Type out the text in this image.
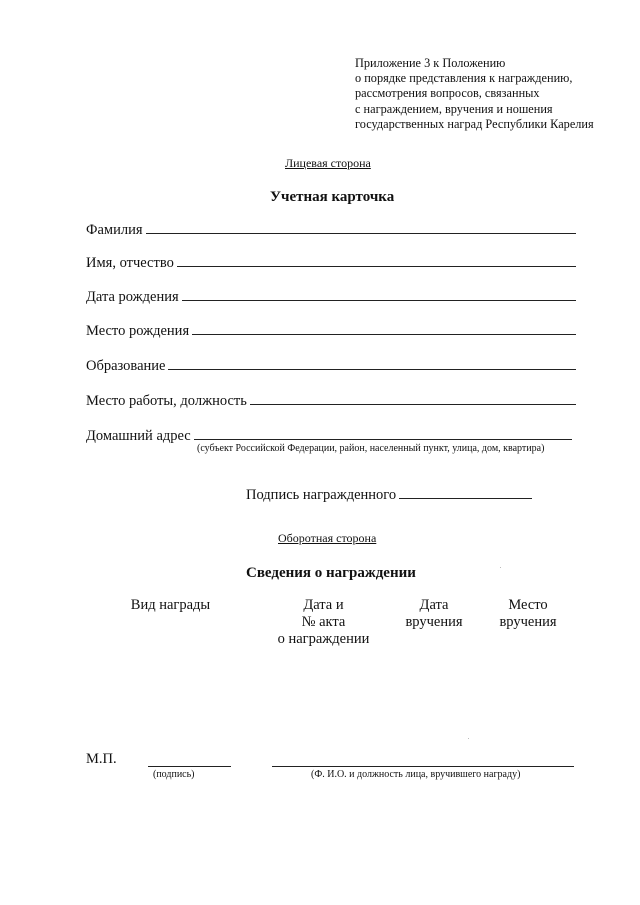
Приложение 3 к Положению
о порядке представления к награждению,
рассмотрения вопросов, связанных
с награждением, вручения и ношения
государственных наград Республики Карелия
Лицевая сторона
Учетная карточка
Фамилия
Имя, отчество
Дата рождения
Место рождения
Образование
Место работы, должность
Домашний адрес
(субъект Российской Федерации, район, населенный пункт, улица, дом, квартира)
Подпись награжденного
Оборотная сторона
Сведения о награждении
Вид награды	Дата и
№ акта
о награждении
Дата
вручения
Место
вручения
М.П.
(подпись)	(Ф. И.О. и должность лица, вручившего награду)
